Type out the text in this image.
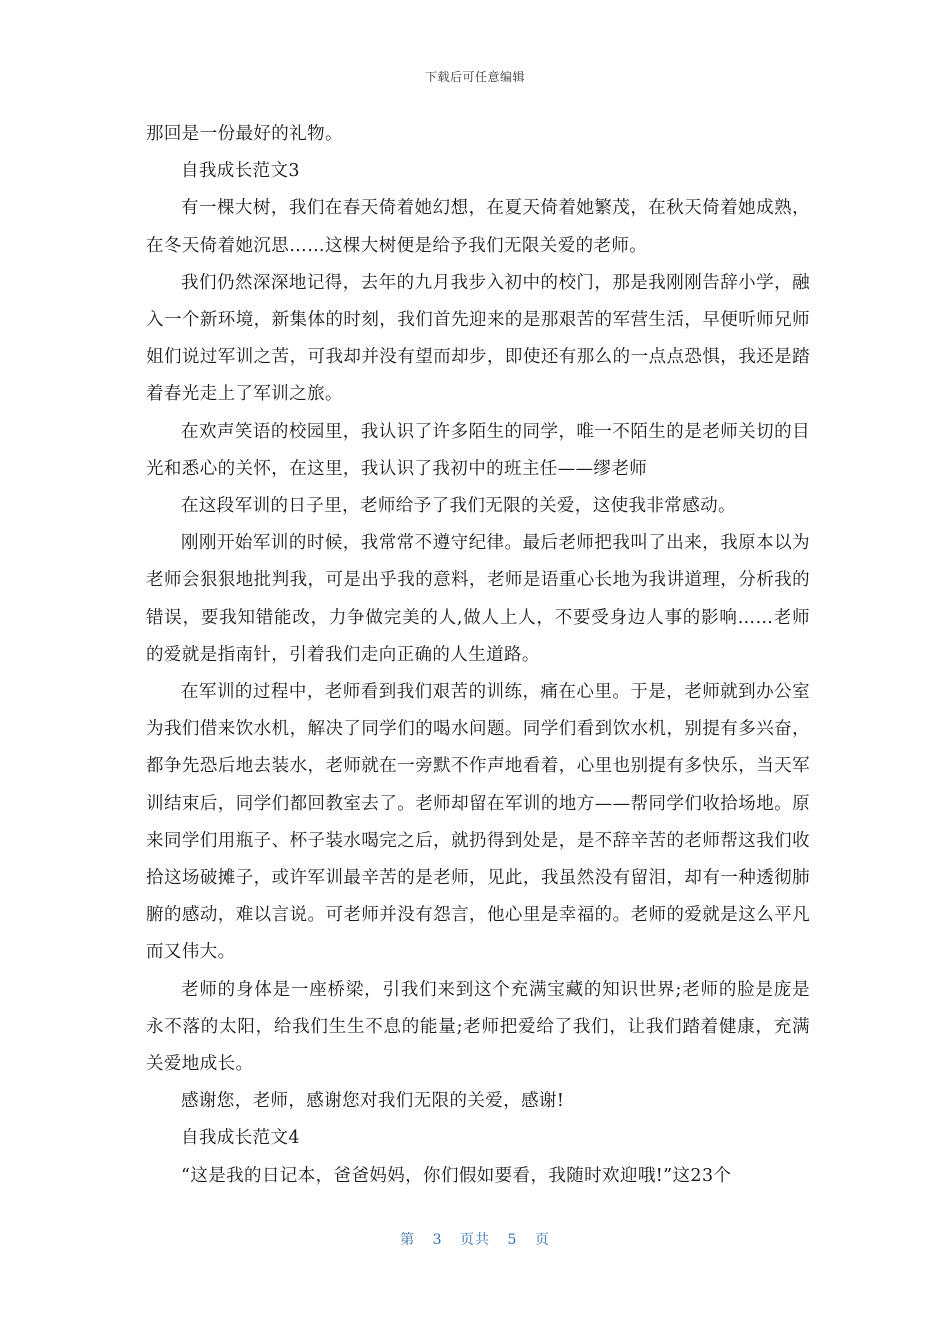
下载后可任意编辑

那回是一份最好的礼物。

自我成长范文3

有一棵大树，我们在春天倚着她幻想，在夏天倚着她繁茂，在秋天倚着她成熟，在冬天倚着她沉思……这棵大树便是给予我们无限关爱的老师。

我们仍然深深地记得，去年的九月我步入初中的校门，那是我刚刚告辞小学，融入一个新环境，新集体的时刻，我们首先迎来的是那艰苦的军营生活，早便听师兄师姐们说过军训之苦，可我却并没有望而却步，即使还有那么的一点点恐惧，我还是踏着春光走上了军训之旅。

在欢声笑语的校园里，我认识了许多陌生的同学，唯一不陌生的是老师关切的目光和悉心的关怀，在这里，我认识了我初中的班主任——缪老师

在这段军训的日子里，老师给予了我们无限的关爱，这使我非常感动。

刚刚开始军训的时候，我常常不遵守纪律。最后老师把我叫了出来，我原本以为老师会狠狠地批判我，可是出乎我的意料，老师是语重心长地为我讲道理，分析我的错误，要我知错能改，力争做完美的人,做人上人，不要受身边人事的影响……老师的爱就是指南针，引着我们走向正确的人生道路。

在军训的过程中，老师看到我们艰苦的训练，痛在心里。于是，老师就到办公室为我们借来饮水机，解决了同学们的喝水问题。同学们看到饮水机，别提有多兴奋，都争先恐后地去装水，老师就在一旁默不作声地看着，心里也别提有多快乐，当天军训结束后，同学们都回教室去了。老师却留在军训的地方——帮同学们收拾场地。原来同学们用瓶子、杯子装水喝完之后，就扔得到处是，是不辞辛苦的老师帮这我们收拾这场破摊子，或许军训最辛苦的是老师，见此，我虽然没有留泪，却有一种透彻肺腑的感动，难以言说。可老师并没有怨言，他心里是幸福的。老师的爱就是这么平凡而又伟大。

老师的身体是一座桥梁，引我们来到这个充满宝藏的知识世界;老师的脸是庞是永不落的太阳，给我们生生不息的能量;老师把爱给了我们，让我们踏着健康，充满关爱地成长。

感谢您，老师，感谢您对我们无限的关爱，感谢!

自我成长范文4

“这是我的日记本，爸爸妈妈，你们假如要看，我随时欢迎哦!”这23个

第 3 页共 5 页
